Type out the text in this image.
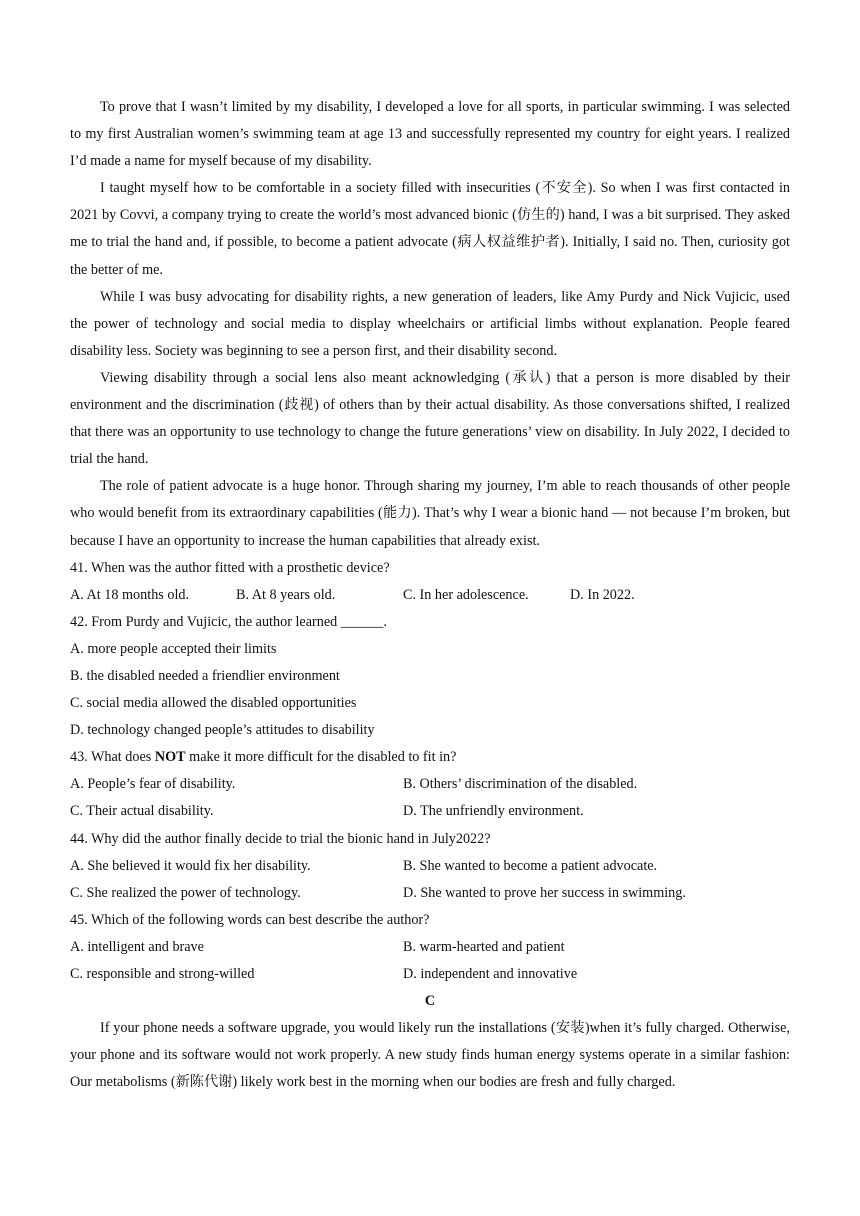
To prove that I wasn’t limited by my disability, I developed a love for all sports, in particular swimming. I was selected to my first Australian women’s swimming team at age 13 and successfully represented my country for eight years. I realized I’d made a name for myself because of my disability.

I taught myself how to be comfortable in a society filled with insecurities (不安全). So when I was first contacted in 2021 by Covvi, a company trying to create the world’s most advanced bionic (仿生的) hand, I was a bit surprised. They asked me to trial the hand and, if possible, to become a patient advocate (病人权益维护者). Initially, I said no. Then, curiosity got the better of me.

While I was busy advocating for disability rights, a new generation of leaders, like Amy Purdy and Nick Vujicic, used the power of technology and social media to display wheelchairs or artificial limbs without explanation. People feared disability less. Society was beginning to see a person first, and their disability second.

Viewing disability through a social lens also meant acknowledging (承认) that a person is more disabled by their environment and the discrimination (歧视) of others than by their actual disability. As those conversations shifted, I realized that there was an opportunity to use technology to change the future generations’ view on disability. In July 2022, I decided to trial the hand.

The role of patient advocate is a huge honor. Through sharing my journey, I’m able to reach thousands of other people who would benefit from its extraordinary capabilities (能力). That’s why I wear a bionic hand — not because I’m broken, but because I have an opportunity to increase the human capabilities that already exist.

41. When was the author fitted with a prosthetic device?

A. At 18 months old.	B. At 8 years old.	C. In her adolescence.	D. In 2022.

42. From Purdy and Vujicic, the author learned ______.

A. more people accepted their limits

B. the disabled needed a friendlier environment

C. social media allowed the disabled opportunities

D. technology changed people’s attitudes to disability

43. What does NOT make it more difficult for the disabled to fit in?

A. People’s fear of disability.	B. Others’ discrimination of the disabled.
C. Their actual disability.	D. The unfriendly environment.

44. Why did the author finally decide to trial the bionic hand in July2022?

A. She believed it would fix her disability.	B. She wanted to become a patient advocate.
C. She realized the power of technology.	D. She wanted to prove her success in swimming.

45. Which of the following words can best describe the author?

A. intelligent and brave	B. warm-hearted and patient
C. responsible and strong-willed	D. independent and innovative

C

If your phone needs a software upgrade, you would likely run the installations (安装)when it’s fully charged. Otherwise, your phone and its software would not work properly. A new study finds human energy systems operate in a similar fashion: Our metabolisms (新陈代谢) likely work best in the morning when our bodies are fresh and fully charged.
